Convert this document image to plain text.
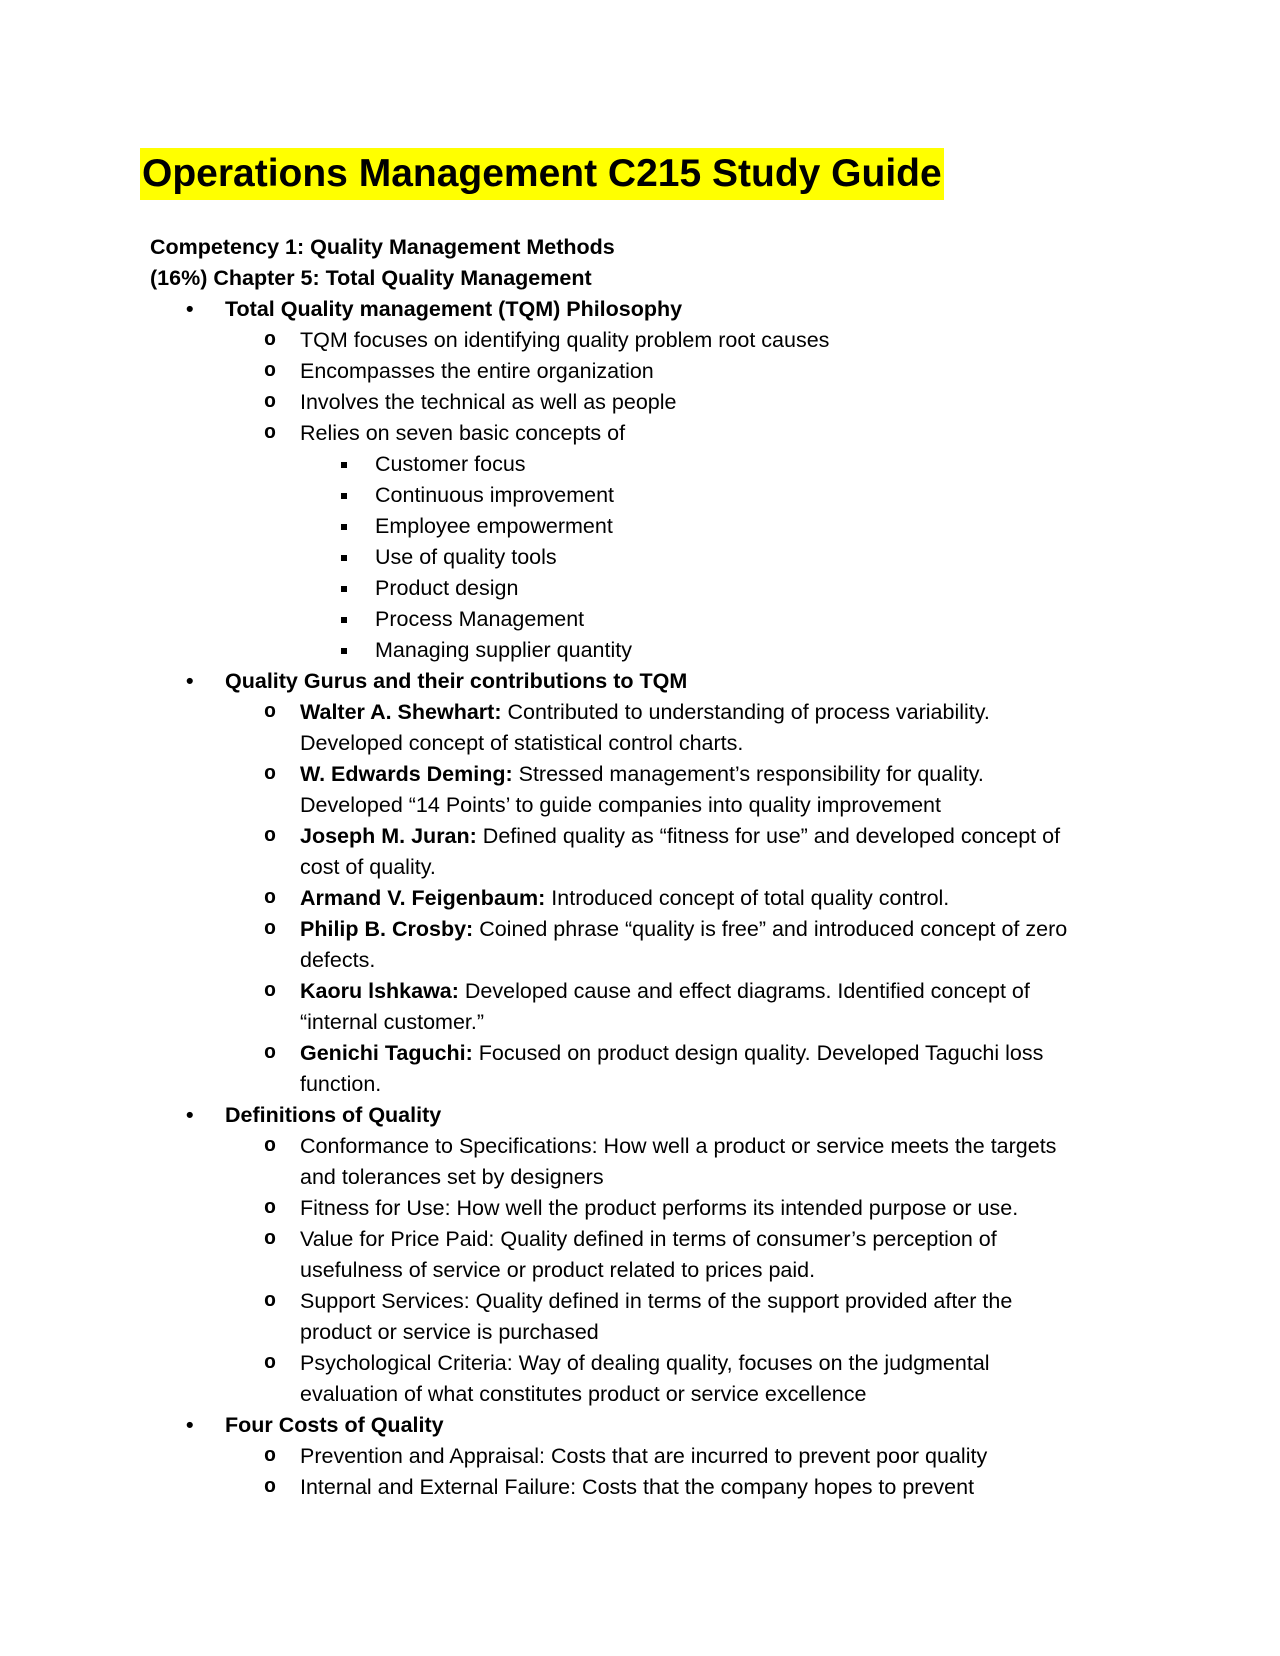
Operations Management C215 Study Guide

Competency 1: Quality Management Methods

(16%) Chapter 5: Total Quality Management

• Total Quality management (TQM) Philosophy
o TQM focuses on identifying quality problem root causes
o Encompasses the entire organization
o Involves the technical as well as people
o Relies on seven basic concepts of
Customer focus
Continuous improvement
Employee empowerment
Use of quality tools
Product design
Process Management
Managing supplier quantity
• Quality Gurus and their contributions to TQM
o Walter A. Shewhart: Contributed to understanding of process variability. Developed concept of statistical control charts.
o W. Edwards Deming: Stressed management’s responsibility for quality. Developed “14 Points’ to guide companies into quality improvement
o Joseph M. Juran: Defined quality as “fitness for use” and developed concept of cost of quality.
o Armand V. Feigenbaum: Introduced concept of total quality control.
o Philip B. Crosby: Coined phrase “quality is free” and introduced concept of zero defects.
o Kaoru lshkawa: Developed cause and effect diagrams. Identified concept of “internal customer.”
o Genichi Taguchi: Focused on product design quality. Developed Taguchi loss function.
• Definitions of Quality
o Conformance to Specifications: How well a product or service meets the targets and tolerances set by designers
o Fitness for Use: How well the product performs its intended purpose or use.
o Value for Price Paid: Quality defined in terms of consumer’s perception of usefulness of service or product related to prices paid.
o Support Services: Quality defined in terms of the support provided after the product or service is purchased
o Psychological Criteria: Way of dealing quality, focuses on the judgmental evaluation of what constitutes product or service excellence
• Four Costs of Quality
o Prevention and Appraisal: Costs that are incurred to prevent poor quality
o Internal and External Failure: Costs that the company hopes to prevent
